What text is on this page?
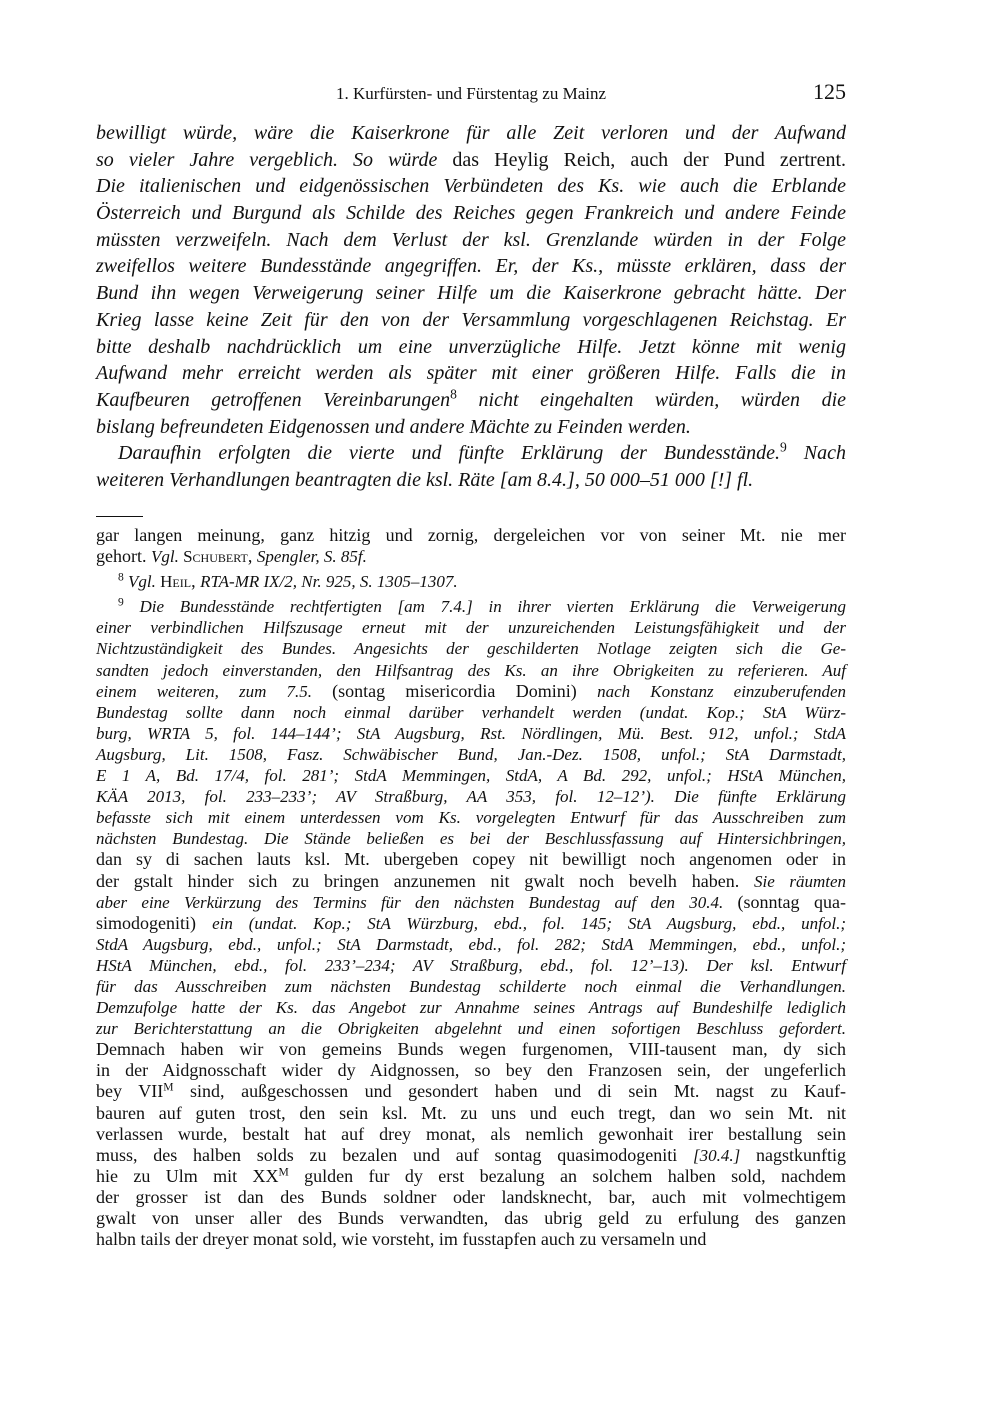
1. Kurfürsten- und Fürstentag zu Mainz	125
bewilligt würde, wäre die Kaiserkrone für alle Zeit verloren und der Aufwand
so vieler Jahre vergeblich. So würde das Heylig Reich, auch der Pund zertrent.
Die italienischen und eidgenössischen Verbündeten des Ks. wie auch die Erblande
Österreich und Burgund als Schilde des Reiches gegen Frankreich und andere Feinde
müssten verzweifeln. Nach dem Verlust der ksl. Grenzlande würden in der Folge
zweifellos weitere Bundesstände angegriffen. Er, der Ks., müsste erklären, dass der
Bund ihn wegen Verweigerung seiner Hilfe um die Kaiserkrone gebracht hätte. Der
Krieg lasse keine Zeit für den von der Versammlung vorgeschlagenen Reichstag. Er
bitte deshalb nachdrücklich um eine unverzügliche Hilfe. Jetzt könne mit wenig
Aufwand mehr erreicht werden als später mit einer größeren Hilfe. Falls die in
Kaufbeuren getroffenen Vereinbarungen$^8$ nicht eingehalten würden, würden die
bislang befreundeten Eidgenossen und andere Mächte zu Feinden werden.
Daraufhin erfolgten die vierte und fünfte Erklärung der Bundesstände.$^9$ Nach
weiteren Verhandlungen beantragten die ksl. Räte [am 8.4.], 50 000–51 000 [!] fl.
gar langen meinung, ganz hitzig und zornig, dergeleichen vor von seiner Mt. nie mer
gehort. Vgl. Schubert, Spengler, S. 85f.
$^8$ Vgl. Heil, RTA-MR IX/2, Nr. 925, S. 1305–1307.
$^9$ Die Bundesstände rechtfertigten [am 7.4.] in ihrer vierten Erklärung die Verweigerung
einer verbindlichen Hilfszusage erneut mit der unzureichenden Leistungsfähigkeit und der
Nichtzuständigkeit des Bundes. Angesichts der geschilderten Notlage zeigten sich die Ge-
sandten jedoch einverstanden, den Hilfsantrag des Ks. an ihre Obrigkeiten zu referieren. Auf
einem weiteren, zum 7.5. (sontag misericordia Domini) nach Konstanz einzuberufenden
Bundestag sollte dann noch einmal darüber verhandelt werden (undat. Kop.; StA Würz-
burg, WRTA 5, fol. 144–144’; StA Augsburg, Rst. Nördlingen, Mü. Best. 912, unfol.; StdA
Augsburg, Lit. 1508, Fasz. Schwäbischer Bund, Jan.-Dez. 1508, unfol.; StA Darmstadt,
E 1 A, Bd. 17/4, fol. 281’; StdA Memmingen, StdA, A Bd. 292, unfol.; HStA München,
KÄA 2013, fol. 233–233’; AV Straßburg, AA 353, fol. 12–12’). Die fünfte Erklärung
befasste sich mit einem unterdessen vom Ks. vorgelegten Entwurf für das Ausschreiben zum
nächsten Bundestag. Die Stände beließen es bei der Beschlussfassung auf Hintersichbringen,
dan sy di sachen lauts ksl. Mt. ubergeben copey nit bewilligt noch angenomen oder in
der gstalt hinder sich zu bringen anzunemen nit gwalt noch bevelh haben. Sie räumten
aber eine Verkürzung des Termins für den nächsten Bundestag auf den 30.4. (sonntag qua-
simodogeniti) ein (undat. Kop.; StA Würzburg, ebd., fol. 145; StA Augsburg, ebd., unfol.;
StdA Augsburg, ebd., unfol.; StA Darmstadt, ebd., fol. 282; StdA Memmingen, ebd., unfol.;
HStA München, ebd., fol. 233’–234; AV Straßburg, ebd., fol. 12’–13). Der ksl. Entwurf
für das Ausschreiben zum nächsten Bundestag schilderte noch einmal die Verhandlungen.
Demzufolge hatte der Ks. das Angebot zur Annahme seines Antrags auf Bundeshilfe lediglich
zur Berichterstattung an die Obrigkeiten abgelehnt und einen sofortigen Beschluss gefordert.
Demnach haben wir von gemeins Bunds wegen furgenomen, VIII-tausent man, dy sich
in der Aidgnosschaft wider dy Aidgnossen, so bey den Franzosen sein, der ungeferlich
bey $VII^M$ sind, außgeschossen und gesondert haben und di sein Mt. nagst zu Kauf-
bauren auf guten trost, den sein ksl. Mt. zu uns und euch tregt, dan wo sein Mt. nit
verlassen wurde, bestalt hat auf drey monat, als nemlich gewonhait irer bestallung sein
muss, des halben solds zu bezalen und auf sontag quasimodogeniti [30.4.] nagstkunftig
hie zu Ulm mit $XX^M$ gulden fur dy erst bezalung an solchem halben sold, nachdem
der grosser ist dan des Bunds soldner oder landsknecht, bar, auch mit volmechtigem
gwalt von unser aller des Bunds verwandten, das ubrig geld zu erfulung des ganzen
halbn tails der dreyer monat sold, wie vorsteht, im fusstapfen auch zu versameln und
